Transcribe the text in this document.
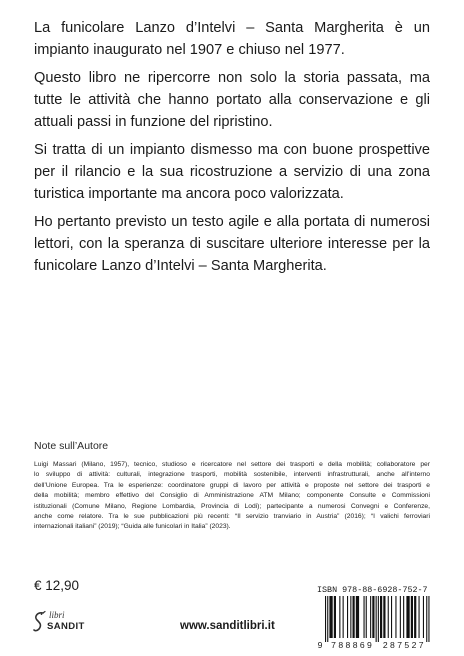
La funicolare Lanzo d’Intelvi – Santa Margherita è un
impianto inaugurato nel 1907 e chiuso nel 1977.
Questo libro ne ripercorre non solo la storia passata, ma
tutte le attività che hanno portato alla conservazione e gli
attuali passi in funzione del ripristino.
Si tratta di un impianto dismesso ma con buone prospettive
per il rilancio e la sua ricostruzione a servizio di una zona
turistica importante ma ancora poco valorizzata.
Ho pertanto previsto un testo agile e alla portata di numerosi
lettori, con la speranza di suscitare ulteriore interesse per la
funicolare Lanzo d’Intelvi – Santa Margherita.
Note sull’Autore
Luigi Massari (Milano, 1957), tecnico, studioso e ricercatore nel settore dei trasporti e della mobilità; collaboratore per
lo sviluppo di attività: culturali, integrazione trasporti, mobilità sostenibile, interventi infrastrutturali, anche all’interno
dell’Unione Europea. Tra le esperienze: coordinatore gruppi di lavoro per attività e proposte nel settore dei trasporti e
della mobilità; membro effettivo del Consiglio di Amministrazione ATM Milano; componente Consulte e Commissioni
istituzionali (Comune Milano, Regione Lombardia, Provincia di Lodi); partecipante a numerosi Convegni e Conferenze,
anche come relatore. Tra le sue pubblicazioni più recenti: “Il servizio tranviario in Austria” (2016); “I valichi ferroviari
internazionali italiani” (2019); “Guida alle funicolari in Italia” (2023).
€ 12,90	ISBN 978-88-6928-752-7
9 788869 287527
libri
SANDIT	www.sanditlibri.it
